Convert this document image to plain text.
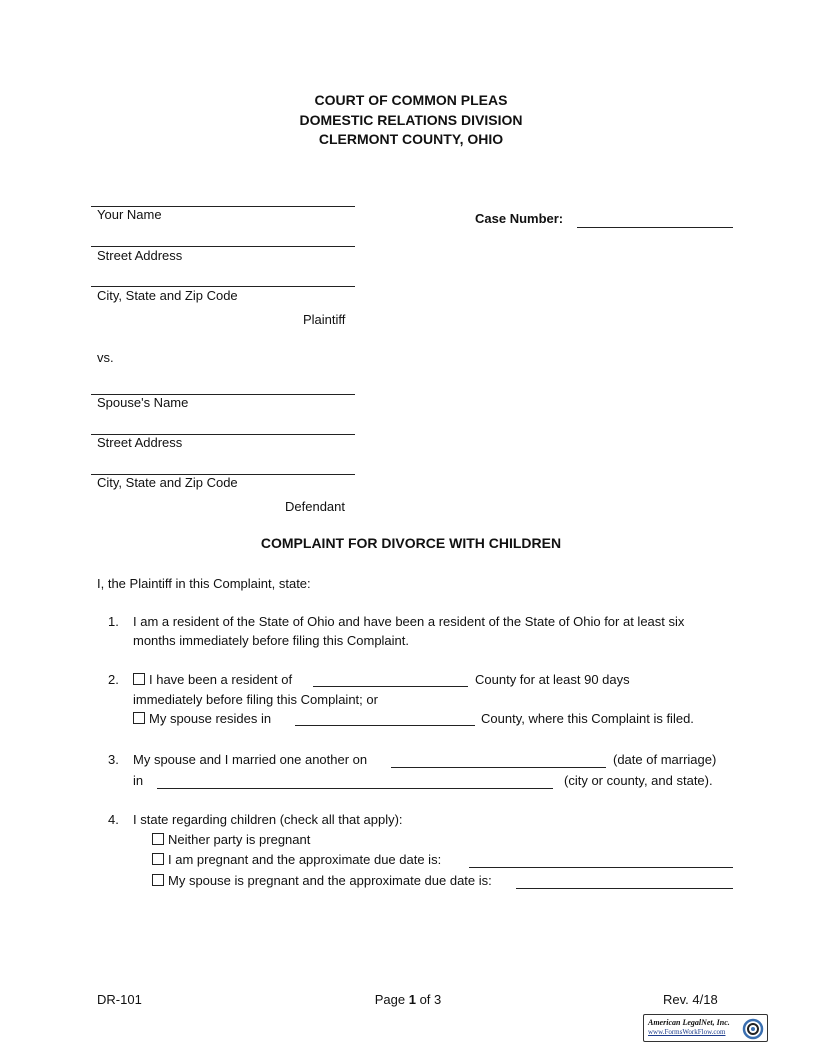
COURT OF COMMON PLEAS
DOMESTIC RELATIONS DIVISION
CLERMONT COUNTY, OHIO
Your Name
Street Address
City, State and Zip Code
Plaintiff
Case Number:
vs.
Spouse's Name
Street Address
City, State and Zip Code
Defendant
COMPLAINT FOR DIVORCE WITH CHILDREN
I, the Plaintiff in this Complaint, state:
1. I am a resident of the State of Ohio and have been a resident of the State of Ohio for at least six
months immediately before filing this Complaint.
2.	I have been a resident of	County for at least 90 days
immediately before filing this Complaint; or
My spouse resides in	County, where this Complaint is filed.
3. My spouse and I married one another on	(date of marriage)
in	(city or county, and state).
4. I state regarding children (check all that apply):
Neither party is pregnant
I am pregnant and the approximate due date is:
My spouse is pregnant and the approximate due date is:
DR-101	Page 1 of 3	Rev. 4/18
American LegalNet, Inc.
www.FormsWorkFlow.com
